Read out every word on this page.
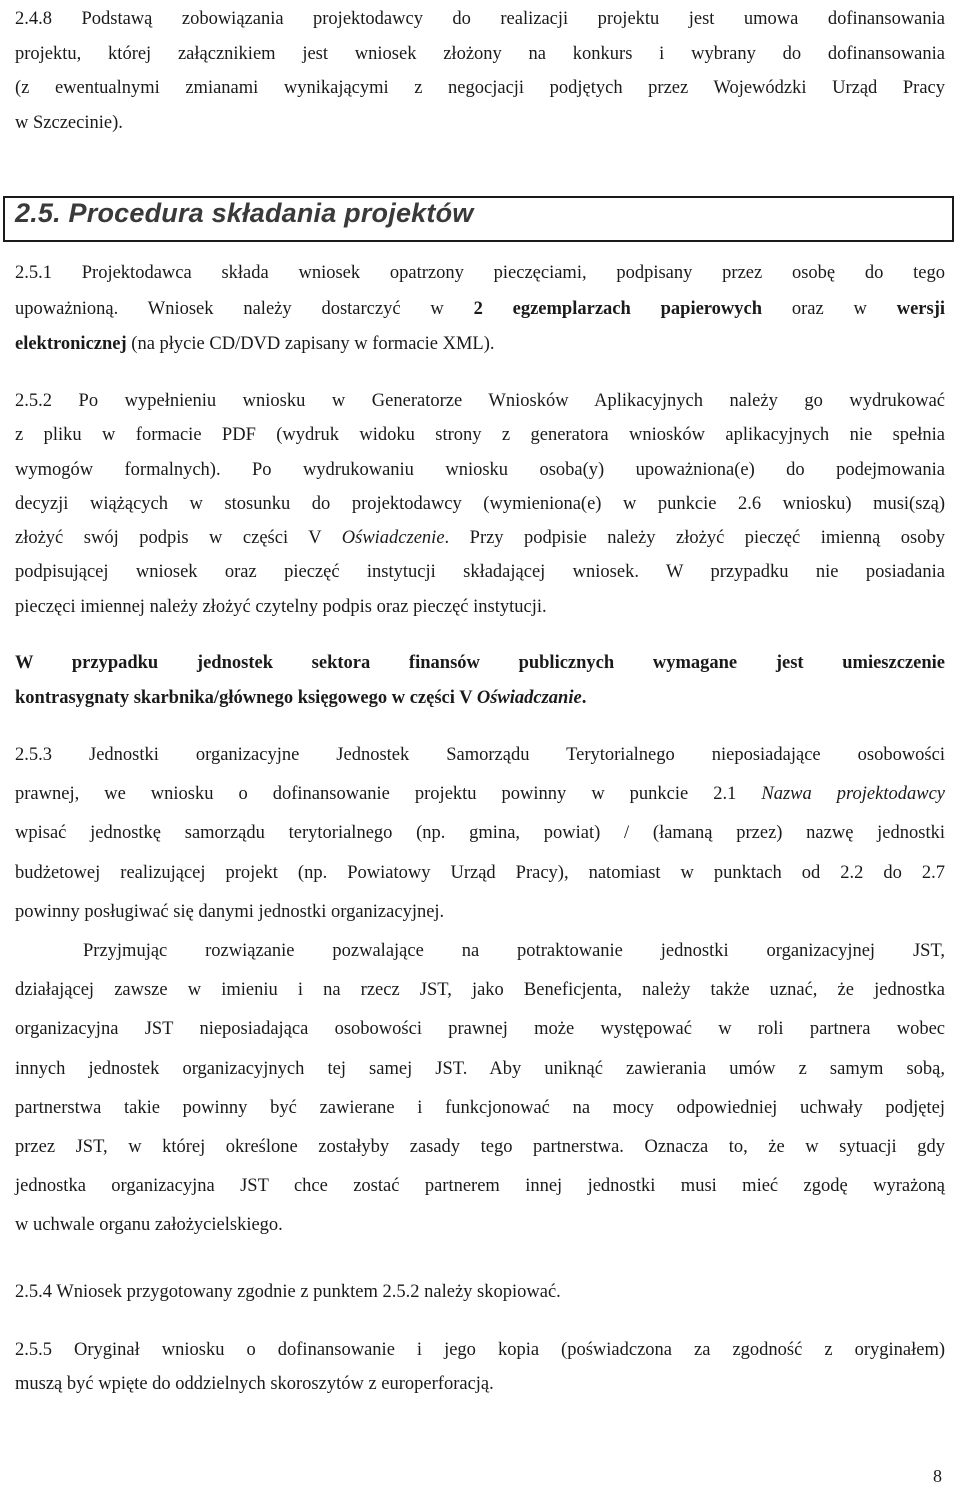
2.4.8 Podstawą zobowiązania projektodawcy do realizacji projektu jest umowa dofinansowania
projektu, której załącznikiem jest wniosek złożony na konkurs i wybrany do dofinansowania
(z ewentualnymi zmianami wynikającymi z negocjacji podjętych przez Wojewódzki Urząd Pracy
w Szczecinie).

2.5. Procedura składania projektów

2.5.1 Projektodawca składa wniosek opatrzony pieczęciami, podpisany przez osobę do tego
upoważnioną. Wniosek należy dostarczyć w 2 egzemplarzach papierowych oraz w wersji
elektronicznej (na płycie CD/DVD zapisany w formacie XML).

2.5.2 Po wypełnieniu wniosku w Generatorze Wniosków Aplikacyjnych należy go wydrukować
z pliku w formacie PDF (wydruk widoku strony z generatora wniosków aplikacyjnych nie spełnia
wymogów formalnych). Po wydrukowaniu wniosku osoba(y) upoważniona(e) do podejmowania
decyzji wiążących w stosunku do projektodawcy (wymieniona(e) w punkcie 2.6 wniosku) musi(szą)
złożyć swój podpis w części V Oświadczenie. Przy podpisie należy złożyć pieczęć imienną osoby
podpisującej wniosek oraz pieczęć instytucji składającej wniosek. W przypadku nie posiadania
pieczęci imiennej należy złożyć czytelny podpis oraz pieczęć instytucji.

W przypadku jednostek sektora finansów publicznych wymagane jest umieszczenie
kontrasygnaty skarbnika/głównego księgowego w części V Oświadczanie.

2.5.3 Jednostki organizacyjne Jednostek Samorządu Terytorialnego nieposiadające osobowości
prawnej, we wniosku o dofinansowanie projektu powinny w punkcie 2.1 Nazwa projektodawcy
wpisać jednostkę samorządu terytorialnego (np. gmina, powiat) / (łamaną przez) nazwę jednostki
budżetowej realizującej projekt (np. Powiatowy Urząd Pracy), natomiast w punktach od 2.2 do 2.7
powinny posługiwać się danymi jednostki organizacyjnej.

Przyjmując rozwiązanie pozwalające na potraktowanie jednostki organizacyjnej JST,
działającej zawsze w imieniu i na rzecz JST, jako Beneficjenta, należy także uznać, że jednostka
organizacyjna JST nieposiadająca osobowości prawnej może występować w roli partnera wobec
innych jednostek organizacyjnych tej samej JST. Aby uniknąć zawierania umów z samym sobą,
partnerstwa takie powinny być zawierane i funkcjonować na mocy odpowiedniej uchwały podjętej
przez JST, w której określone zostałyby zasady tego partnerstwa. Oznacza to, że w sytuacji gdy
jednostka organizacyjna JST chce zostać partnerem innej jednostki musi mieć zgodę wyrażoną
w uchwale organu założycielskiego.

2.5.4 Wniosek przygotowany zgodnie z punktem 2.5.2 należy skopiować.

2.5.5 Oryginał wniosku o dofinansowanie i jego kopia (poświadczona za zgodność z oryginałem)
muszą być wpięte do oddzielnych skoroszytów z europerforacją.

8
